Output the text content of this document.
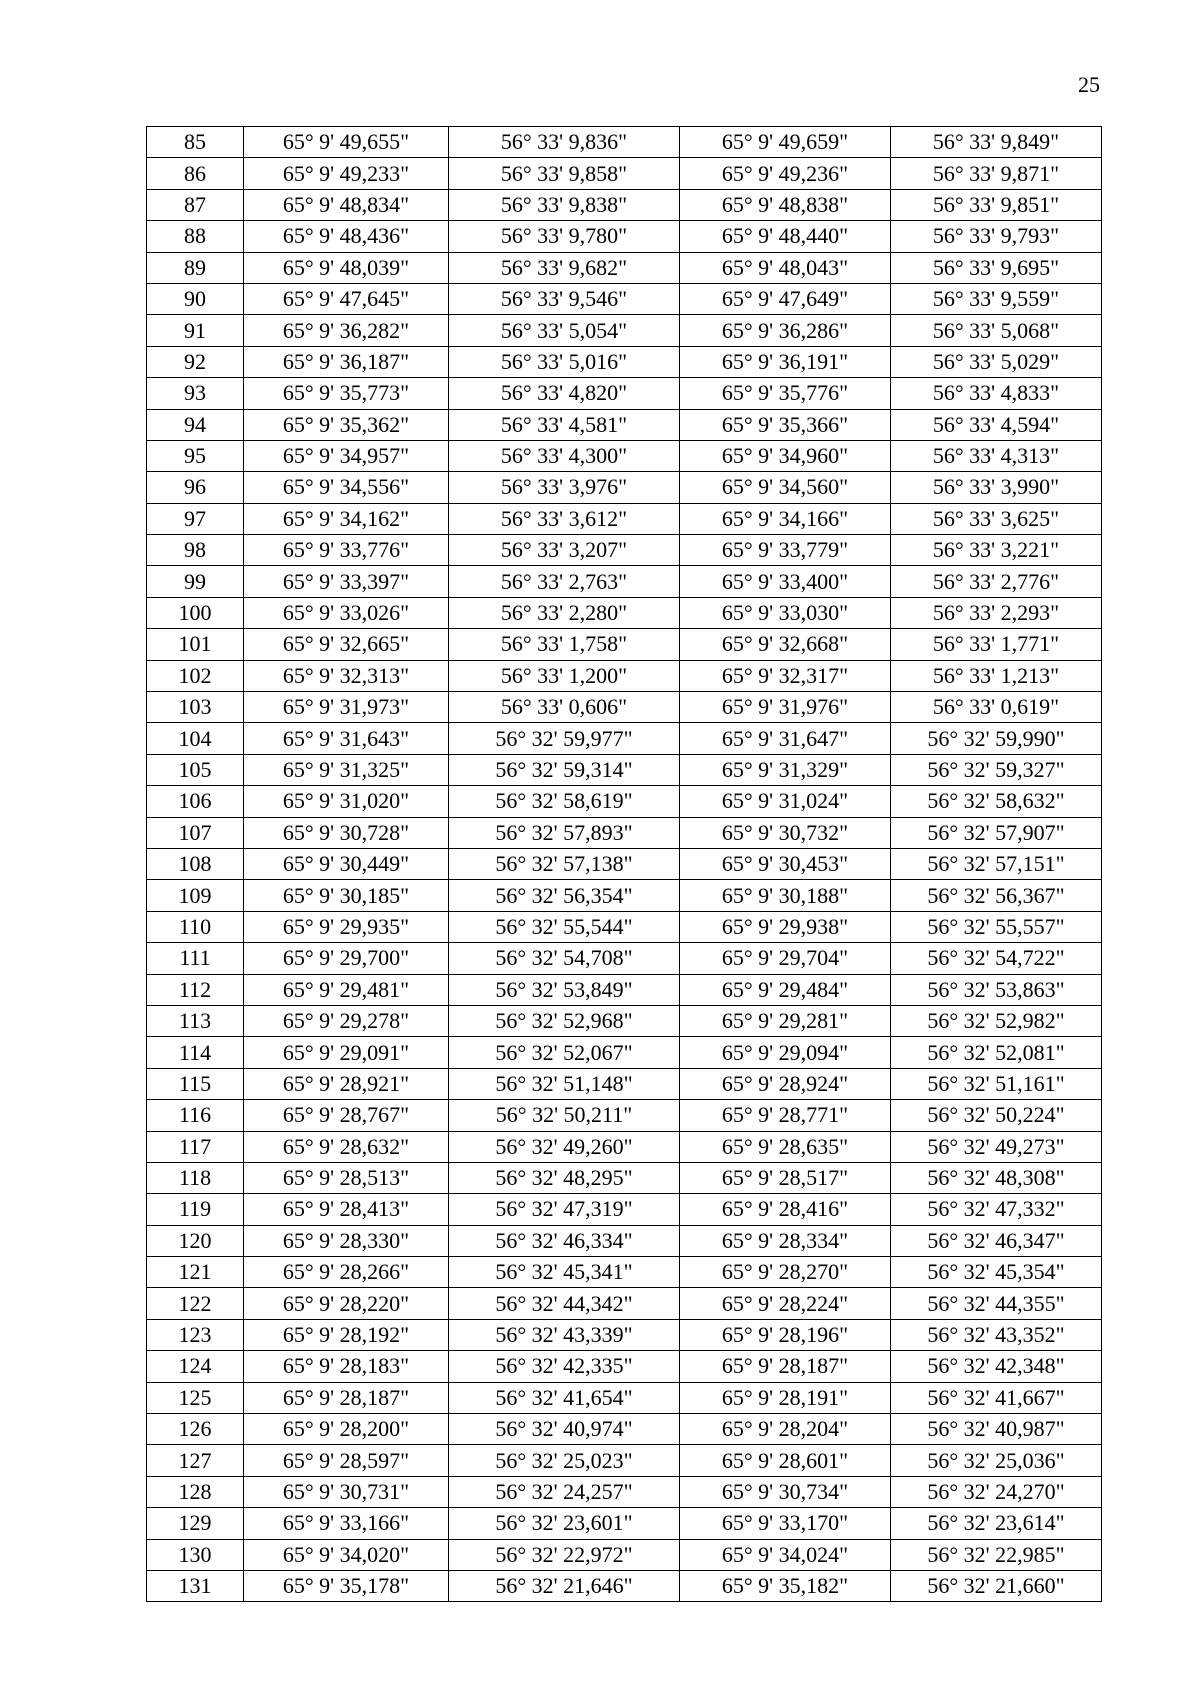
25
85	65° 9' 49,655"	56° 33' 9,836"	65° 9' 49,659"	56° 33' 9,849"
86	65° 9' 49,233"	56° 33' 9,858"	65° 9' 49,236"	56° 33' 9,871"
87	65° 9' 48,834"	56° 33' 9,838"	65° 9' 48,838"	56° 33' 9,851"
88	65° 9' 48,436"	56° 33' 9,780"	65° 9' 48,440"	56° 33' 9,793"
89	65° 9' 48,039"	56° 33' 9,682"	65° 9' 48,043"	56° 33' 9,695"
90	65° 9' 47,645"	56° 33' 9,546"	65° 9' 47,649"	56° 33' 9,559"
91	65° 9' 36,282"	56° 33' 5,054"	65° 9' 36,286"	56° 33' 5,068"
92	65° 9' 36,187"	56° 33' 5,016"	65° 9' 36,191"	56° 33' 5,029"
93	65° 9' 35,773"	56° 33' 4,820"	65° 9' 35,776"	56° 33' 4,833"
94	65° 9' 35,362"	56° 33' 4,581"	65° 9' 35,366"	56° 33' 4,594"
95	65° 9' 34,957"	56° 33' 4,300"	65° 9' 34,960"	56° 33' 4,313"
96	65° 9' 34,556"	56° 33' 3,976"	65° 9' 34,560"	56° 33' 3,990"
97	65° 9' 34,162"	56° 33' 3,612"	65° 9' 34,166"	56° 33' 3,625"
98	65° 9' 33,776"	56° 33' 3,207"	65° 9' 33,779"	56° 33' 3,221"
99	65° 9' 33,397"	56° 33' 2,763"	65° 9' 33,400"	56° 33' 2,776"
100	65° 9' 33,026"	56° 33' 2,280"	65° 9' 33,030"	56° 33' 2,293"
101	65° 9' 32,665"	56° 33' 1,758"	65° 9' 32,668"	56° 33' 1,771"
102	65° 9' 32,313"	56° 33' 1,200"	65° 9' 32,317"	56° 33' 1,213"
103	65° 9' 31,973"	56° 33' 0,606"	65° 9' 31,976"	56° 33' 0,619"
104	65° 9' 31,643"	56° 32' 59,977"	65° 9' 31,647"	56° 32' 59,990"
105	65° 9' 31,325"	56° 32' 59,314"	65° 9' 31,329"	56° 32' 59,327"
106	65° 9' 31,020"	56° 32' 58,619"	65° 9' 31,024"	56° 32' 58,632"
107	65° 9' 30,728"	56° 32' 57,893"	65° 9' 30,732"	56° 32' 57,907"
108	65° 9' 30,449"	56° 32' 57,138"	65° 9' 30,453"	56° 32' 57,151"
109	65° 9' 30,185"	56° 32' 56,354"	65° 9' 30,188"	56° 32' 56,367"
110	65° 9' 29,935"	56° 32' 55,544"	65° 9' 29,938"	56° 32' 55,557"
111	65° 9' 29,700"	56° 32' 54,708"	65° 9' 29,704"	56° 32' 54,722"
112	65° 9' 29,481"	56° 32' 53,849"	65° 9' 29,484"	56° 32' 53,863"
113	65° 9' 29,278"	56° 32' 52,968"	65° 9' 29,281"	56° 32' 52,982"
114	65° 9' 29,091"	56° 32' 52,067"	65° 9' 29,094"	56° 32' 52,081"
115	65° 9' 28,921"	56° 32' 51,148"	65° 9' 28,924"	56° 32' 51,161"
116	65° 9' 28,767"	56° 32' 50,211"	65° 9' 28,771"	56° 32' 50,224"
117	65° 9' 28,632"	56° 32' 49,260"	65° 9' 28,635"	56° 32' 49,273"
118	65° 9' 28,513"	56° 32' 48,295"	65° 9' 28,517"	56° 32' 48,308"
119	65° 9' 28,413"	56° 32' 47,319"	65° 9' 28,416"	56° 32' 47,332"
120	65° 9' 28,330"	56° 32' 46,334"	65° 9' 28,334"	56° 32' 46,347"
121	65° 9' 28,266"	56° 32' 45,341"	65° 9' 28,270"	56° 32' 45,354"
122	65° 9' 28,220"	56° 32' 44,342"	65° 9' 28,224"	56° 32' 44,355"
123	65° 9' 28,192"	56° 32' 43,339"	65° 9' 28,196"	56° 32' 43,352"
124	65° 9' 28,183"	56° 32' 42,335"	65° 9' 28,187"	56° 32' 42,348"
125	65° 9' 28,187"	56° 32' 41,654"	65° 9' 28,191"	56° 32' 41,667"
126	65° 9' 28,200"	56° 32' 40,974"	65° 9' 28,204"	56° 32' 40,987"
127	65° 9' 28,597"	56° 32' 25,023"	65° 9' 28,601"	56° 32' 25,036"
128	65° 9' 30,731"	56° 32' 24,257"	65° 9' 30,734"	56° 32' 24,270"
129	65° 9' 33,166"	56° 32' 23,601"	65° 9' 33,170"	56° 32' 23,614"
130	65° 9' 34,020"	56° 32' 22,972"	65° 9' 34,024"	56° 32' 22,985"
131	65° 9' 35,178"	56° 32' 21,646"	65° 9' 35,182"	56° 32' 21,660"
